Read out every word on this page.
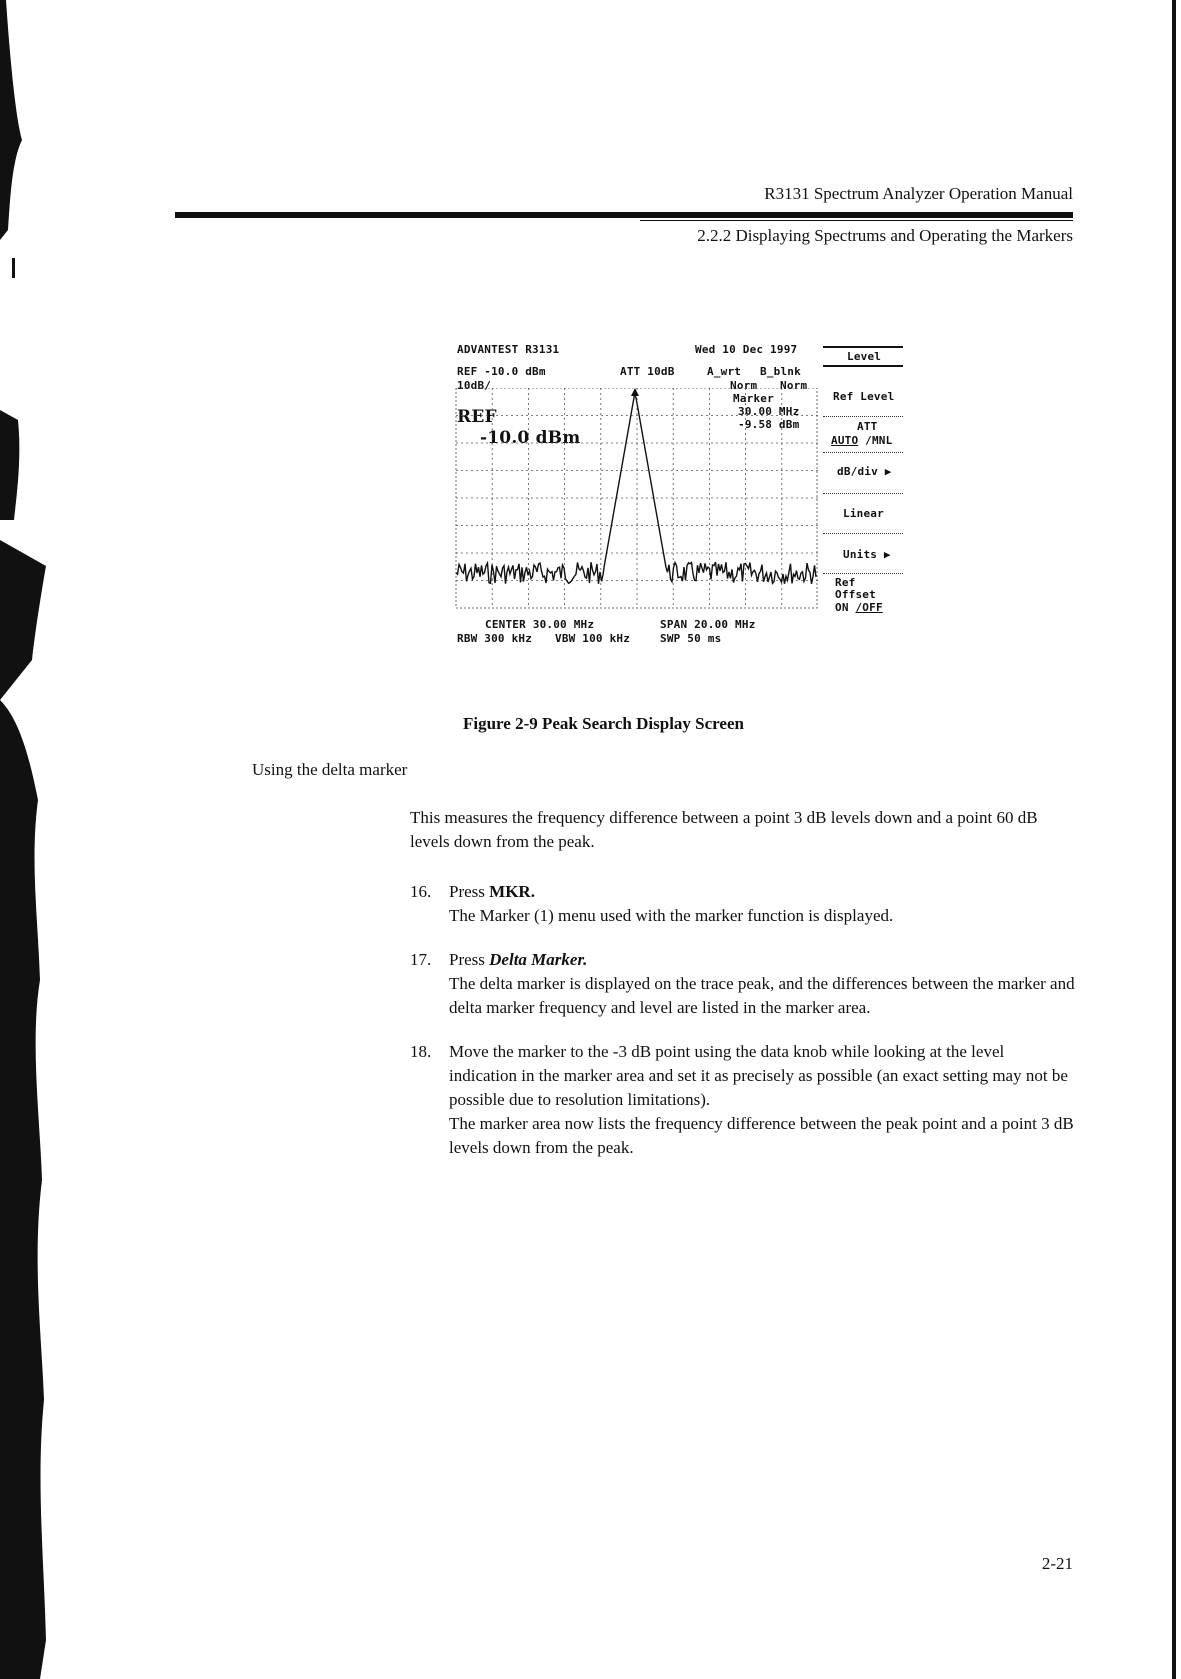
R3131 Spectrum Analyzer Operation Manual
2.2.2 Displaying Spectrums and Operating the Markers
ADVANTEST R3131	Wed 10 Dec 1997
REF -10.0 dBm	ATT 10dB	A_wrt B_blnk
10dB/	Norm Norm
Marker
30.00 MHz
-9.58 dBm
REF
-10.0 dBm
CENTER 30.00 MHz	SPAN 20.00 MHz
RBW 300 kHz VBW 100 kHz	SWP 50 ms
Level
Ref Level
ATT
AUTO /MNL
dB/div ▶
Linear
Units ▶
Ref
Offset
ON /OFF
Figure 2-9 Peak Search Display Screen
Using the delta marker
This measures the frequency difference between a point 3 dB levels down and a point 60 dB levels down from the peak.
16. Press MKR.
The Marker (1) menu used with the marker function is displayed.
17. Press Delta Marker.
The delta marker is displayed on the trace peak, and the differences between the marker and delta marker frequency and level are listed in the marker area.
18. Move the marker to the -3 dB point using the data knob while looking at the level indication in the marker area and set it as precisely as possible (an exact setting may not be possible due to resolution limitations).
The marker area now lists the frequency difference between the peak point and a point 3 dB levels down from the peak.
2-21
